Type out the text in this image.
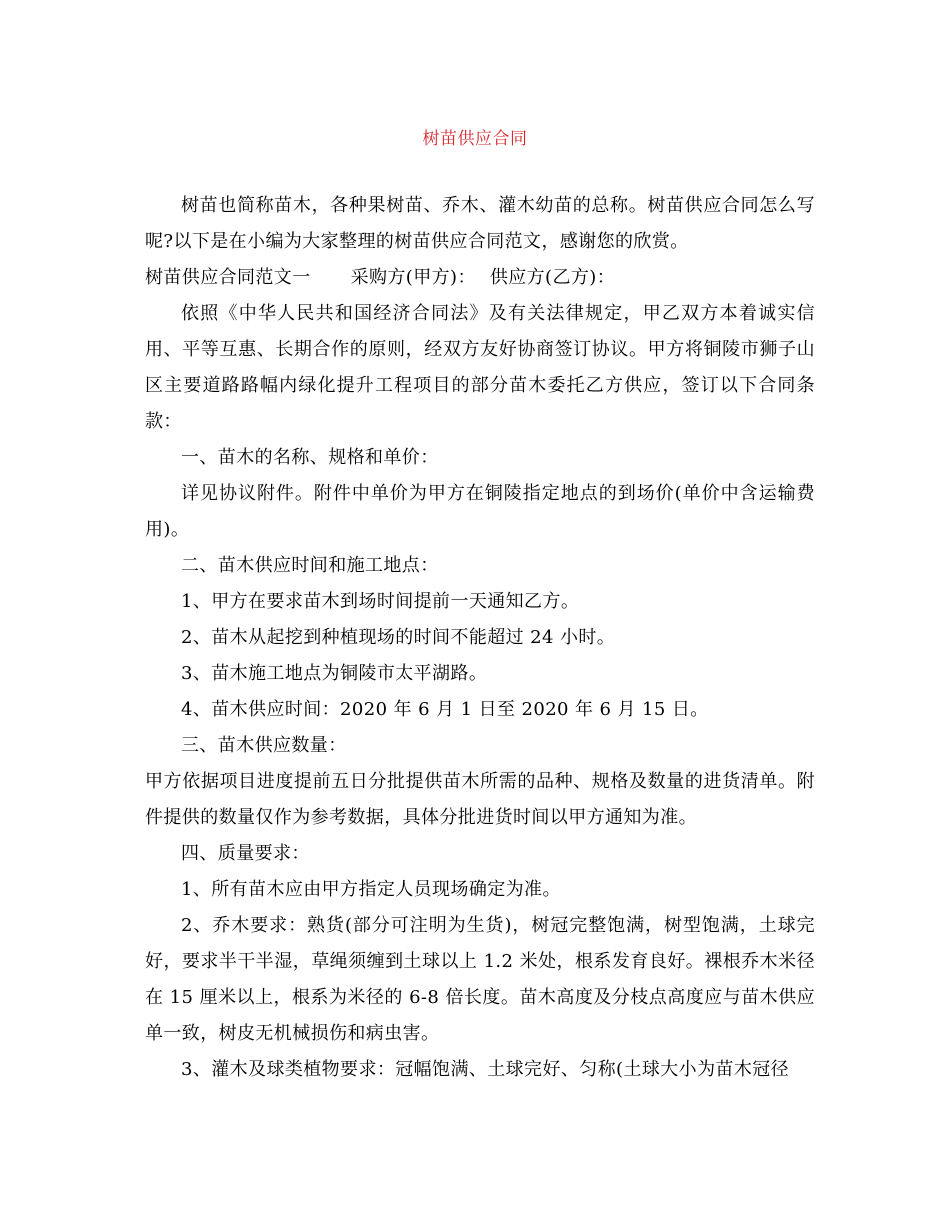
树苗供应合同

树苗也简称苗木，各种果树苗、乔木、灌木幼苗的总称。树苗供应合同怎么写呢?以下是在小编为大家整理的树苗供应合同范文，感谢您的欣赏。

树苗供应合同范文一 采购方(甲方)： 供应方(乙方)：

依照《中华人民共和国经济合同法》及有关法律规定，甲乙双方本着诚实信用、平等互惠、长期合作的原则，经双方友好协商签订协议。甲方将铜陵市狮子山区主要道路路幅内绿化提升工程项目的部分苗木委托乙方供应，签订以下合同条款：

一、苗木的名称、规格和单价：

详见协议附件。附件中单价为甲方在铜陵指定地点的到场价(单价中含运输费用)。

二、苗木供应时间和施工地点：

1、甲方在要求苗木到场时间提前一天通知乙方。

2、苗木从起挖到种植现场的时间不能超过 24 小时。

3、苗木施工地点为铜陵市太平湖路。

4、苗木供应时间：2020 年 6 月 1 日至 2020 年 6 月 15 日。

三、苗木供应数量：

甲方依据项目进度提前五日分批提供苗木所需的品种、规格及数量的进货清单。附件提供的数量仅作为参考数据，具体分批进货时间以甲方通知为准。

四、质量要求：

1、所有苗木应由甲方指定人员现场确定为准。

2、乔木要求：熟货(部分可注明为生货)，树冠完整饱满，树型饱满，土球完好，要求半干半湿，草绳须缠到土球以上 1.2 米处，根系发育良好。裸根乔木米径在 15 厘米以上，根系为米径的 6-8 倍长度。苗木高度及分枝点高度应与苗木供应单一致，树皮无机械损伤和病虫害。

3、灌木及球类植物要求：冠幅饱满、土球完好、匀称(土球大小为苗木冠径
